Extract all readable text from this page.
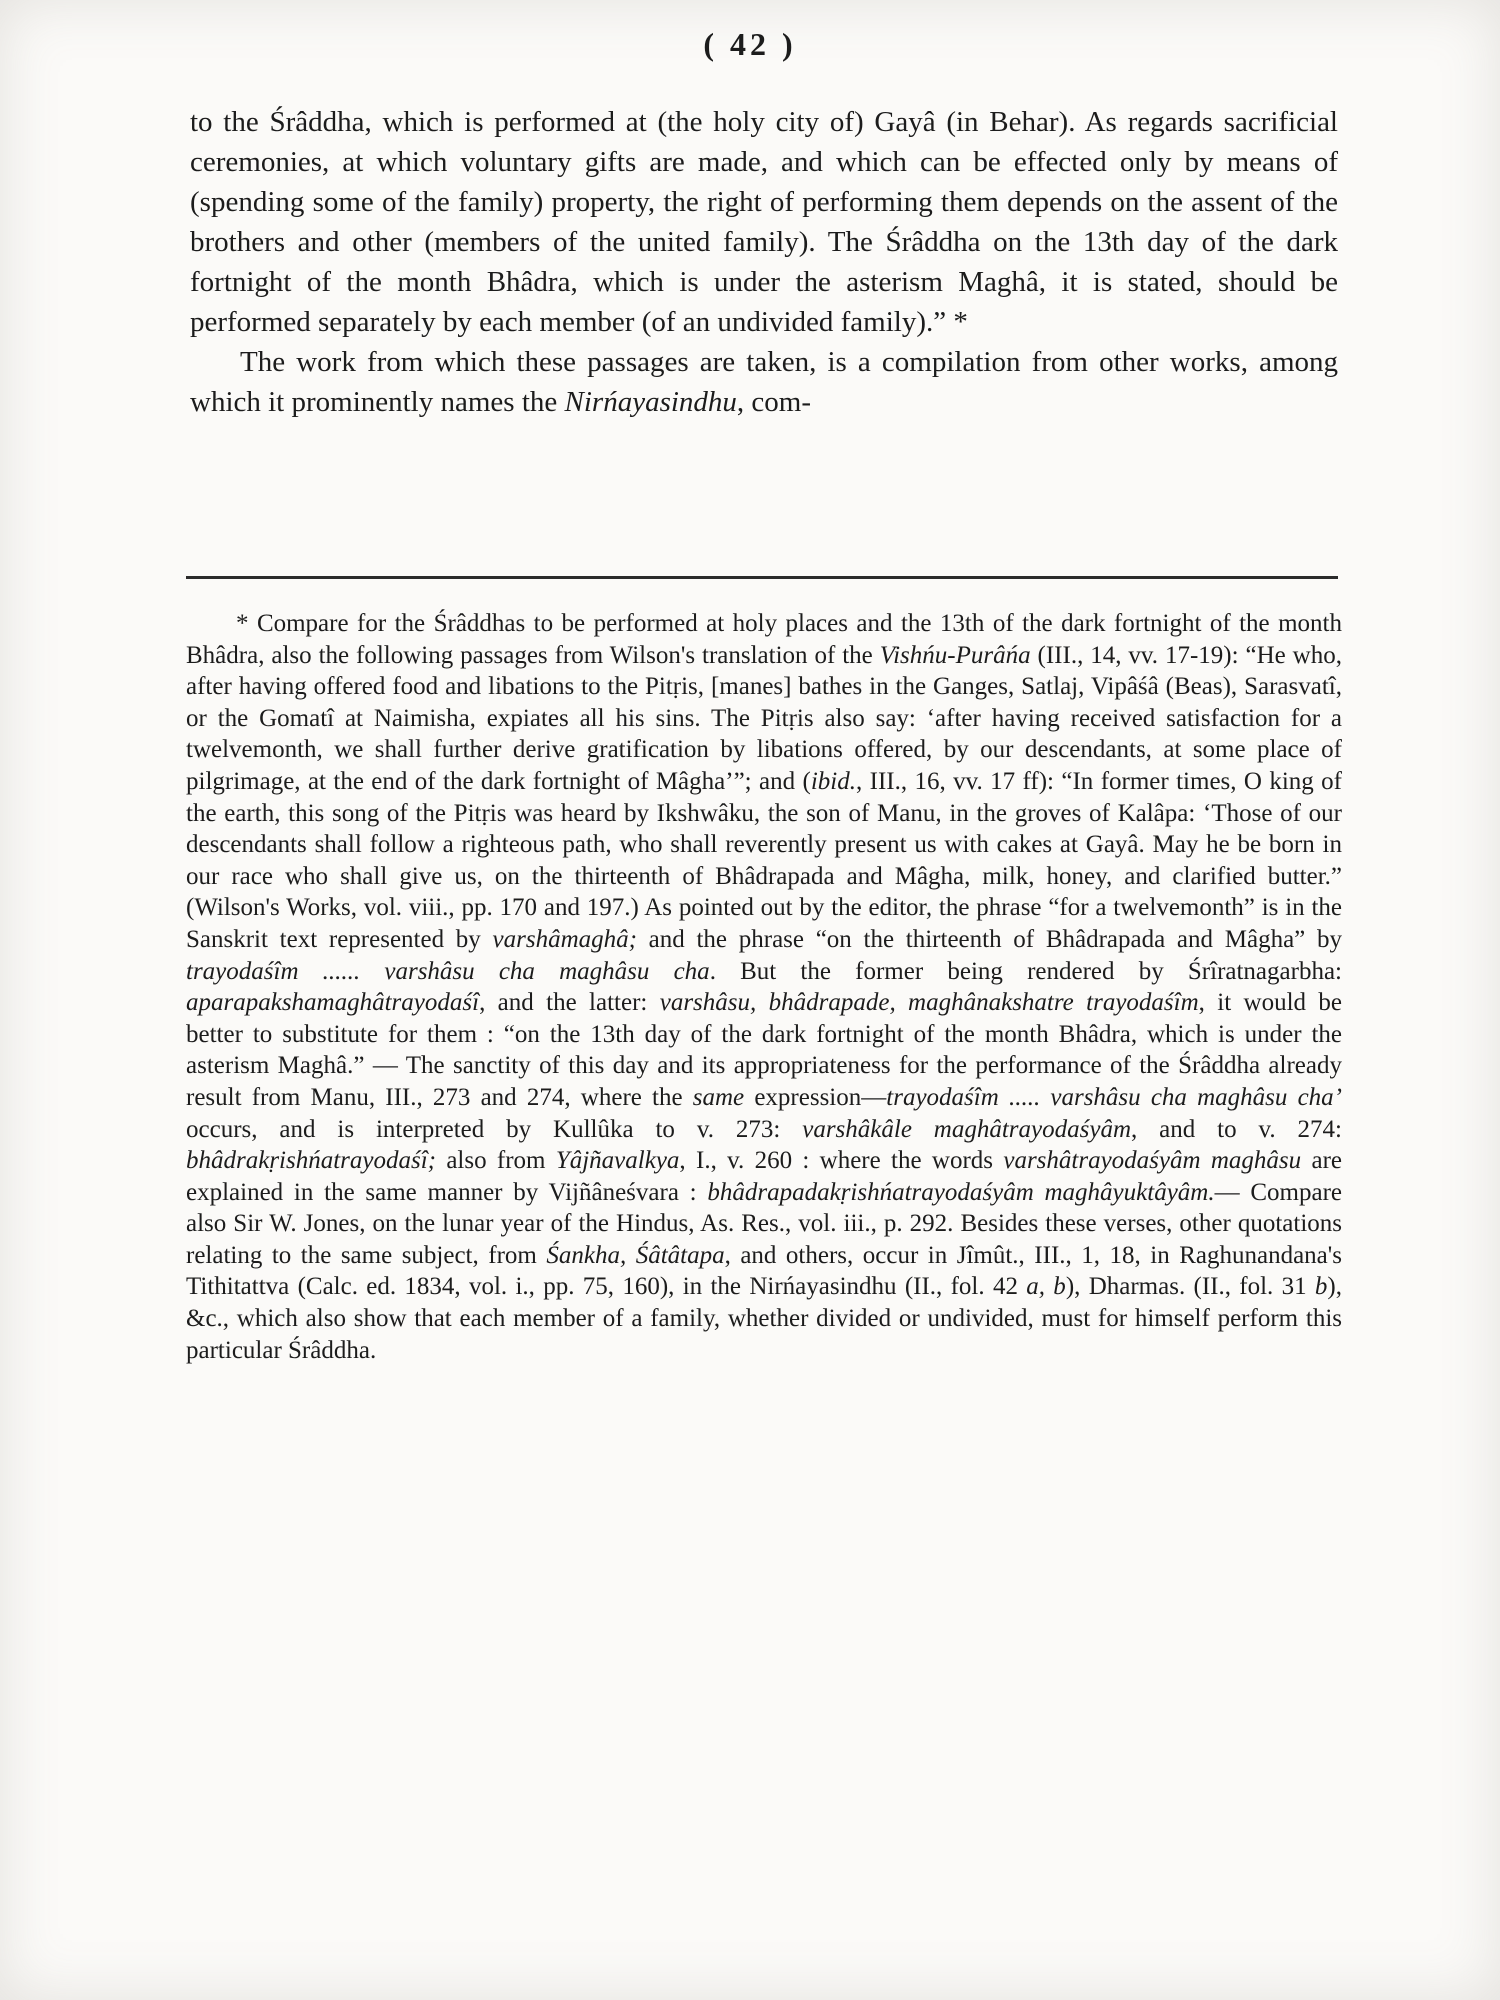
( 42 )

to the Śrâddha, which is performed at (the holy city of) Gayâ (in Behar). As regards sacrificial ceremonies, at which voluntary gifts are made, and which can be effected only by means of (spending some of the family) property, the right of performing them depends on the assent of the brothers and other (members of the united family). The Śrâddha on the 13th day of the dark fortnight of the month Bhâdra, which is under the asterism Maghâ, it is stated, should be performed separately by each member (of an undivided family).” *

The work from which these passages are taken, is a compilation from other works, among which it prominently names the Nirńayasindhu, com-

* Compare for the Śrâddhas to be performed at holy places and the 13th of the dark fortnight of the month Bhâdra, also the following passages from Wilson's translation of the Vishńu-Purâńa (III., 14, vv. 17-19): “He who, after having offered food and libations to the Pitṛis, [manes] bathes in the Ganges, Satlaj, Vipâśâ (Beas), Sarasvatî, or the Gomatî at Naimisha, expiates all his sins. The Pitṛis also say: ‘after having received satisfaction for a twelvemonth, we shall further derive gratification by libations offered, by our descendants, at some place of pilgrimage, at the end of the dark fortnight of Mâgha’”; and (ibid., III., 16, vv. 17 ff): “In former times, O king of the earth, this song of the Pitṛis was heard by Ikshwâku, the son of Manu, in the groves of Kalâpa: ‘Those of our descendants shall follow a righteous path, who shall reverently present us with cakes at Gayâ. May he be born in our race who shall give us, on the thirteenth of Bhâdrapada and Mâgha, milk, honey, and clarified butter.” (Wilson's Works, vol. viii., pp. 170 and 197.) As pointed out by the editor, the phrase “for a twelvemonth” is in the Sanskrit text represented by varshâmaghâ; and the phrase “on the thirteenth of Bhâdrapada and Mâgha” by trayodaśîm ...... varshâsu cha maghâsu cha. But the former being rendered by Śrîratnagarbha: aparapakshamaghâtrayodaśî, and the latter: varshâsu, bhâdrapade, maghânakshatre trayodaśîm, it would be better to substitute for them : “on the 13th day of the dark fortnight of the month Bhâdra, which is under the asterism Maghâ.” — The sanctity of this day and its appropriateness for the performance of the Śrâddha already result from Manu, III., 273 and 274, where the same expression—trayodaśîm ..... varshâsu cha maghâsu cha’ occurs, and is interpreted by Kullûka to v. 273: varshâkâle maghâtrayodaśyâm, and to v. 274: bhâdrakṛishńatrayodaśî; also from Yâjñavalkya, I., v. 260 : where the words varshâtrayodaśyâm maghâsu are explained in the same manner by Vijñâneśvara : bhâdrapadakṛishńatrayodaśyâm maghâyuktâyâm.— Compare also Sir W. Jones, on the lunar year of the Hindus, As. Res., vol. iii., p. 292. Besides these verses, other quotations relating to the same subject, from Śankha, Śâtâtapa, and others, occur in Jîmût., III., 1, 18, in Raghunandana's Tithitattva (Calc. ed. 1834, vol. i., pp. 75, 160), in the Nirńayasindhu (II., fol. 42 a, b), Dharmas. (II., fol. 31 b), &c., which also show that each member of a family, whether divided or undivided, must for himself perform this particular Śrâddha.
